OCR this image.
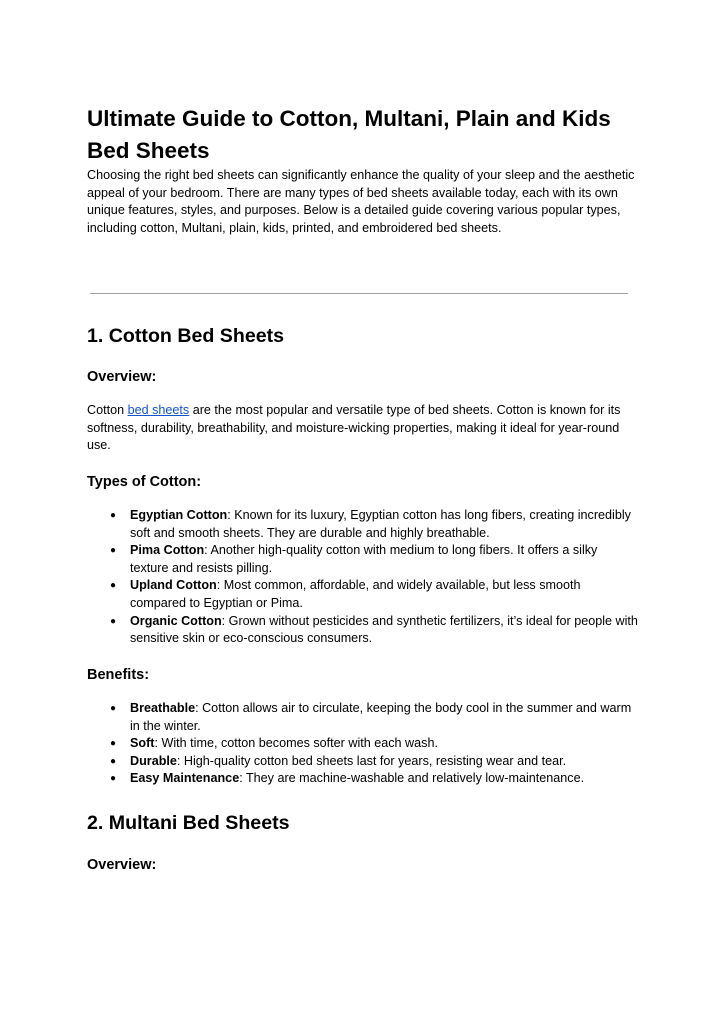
Ultimate Guide to Cotton, Multani, Plain and Kids Bed Sheets

Choosing the right bed sheets can significantly enhance the quality of your sleep and the aesthetic appeal of your bedroom. There are many types of bed sheets available today, each with its own unique features, styles, and purposes. Below is a detailed guide covering various popular types, including cotton, Multani, plain, kids, printed, and embroidered bed sheets.

1. Cotton Bed Sheets
Overview:

Cotton bed sheets are the most popular and versatile type of bed sheets. Cotton is known for its softness, durability, breathability, and moisture-wicking properties, making it ideal for year-round use.

Types of Cotton:
● Egyptian Cotton: Known for its luxury, Egyptian cotton has long fibers, creating incredibly soft and smooth sheets. They are durable and highly breathable.
● Pima Cotton: Another high-quality cotton with medium to long fibers. It offers a silky texture and resists pilling.
● Upland Cotton: Most common, affordable, and widely available, but less smooth compared to Egyptian or Pima.
● Organic Cotton: Grown without pesticides and synthetic fertilizers, it’s ideal for people with sensitive skin or eco-conscious consumers.
Benefits:
● Breathable: Cotton allows air to circulate, keeping the body cool in the summer and warm in the winter.
● Soft: With time, cotton becomes softer with each wash.
● Durable: High-quality cotton bed sheets last for years, resisting wear and tear.
● Easy Maintenance: They are machine-washable and relatively low-maintenance.
2. Multani Bed Sheets
Overview:
